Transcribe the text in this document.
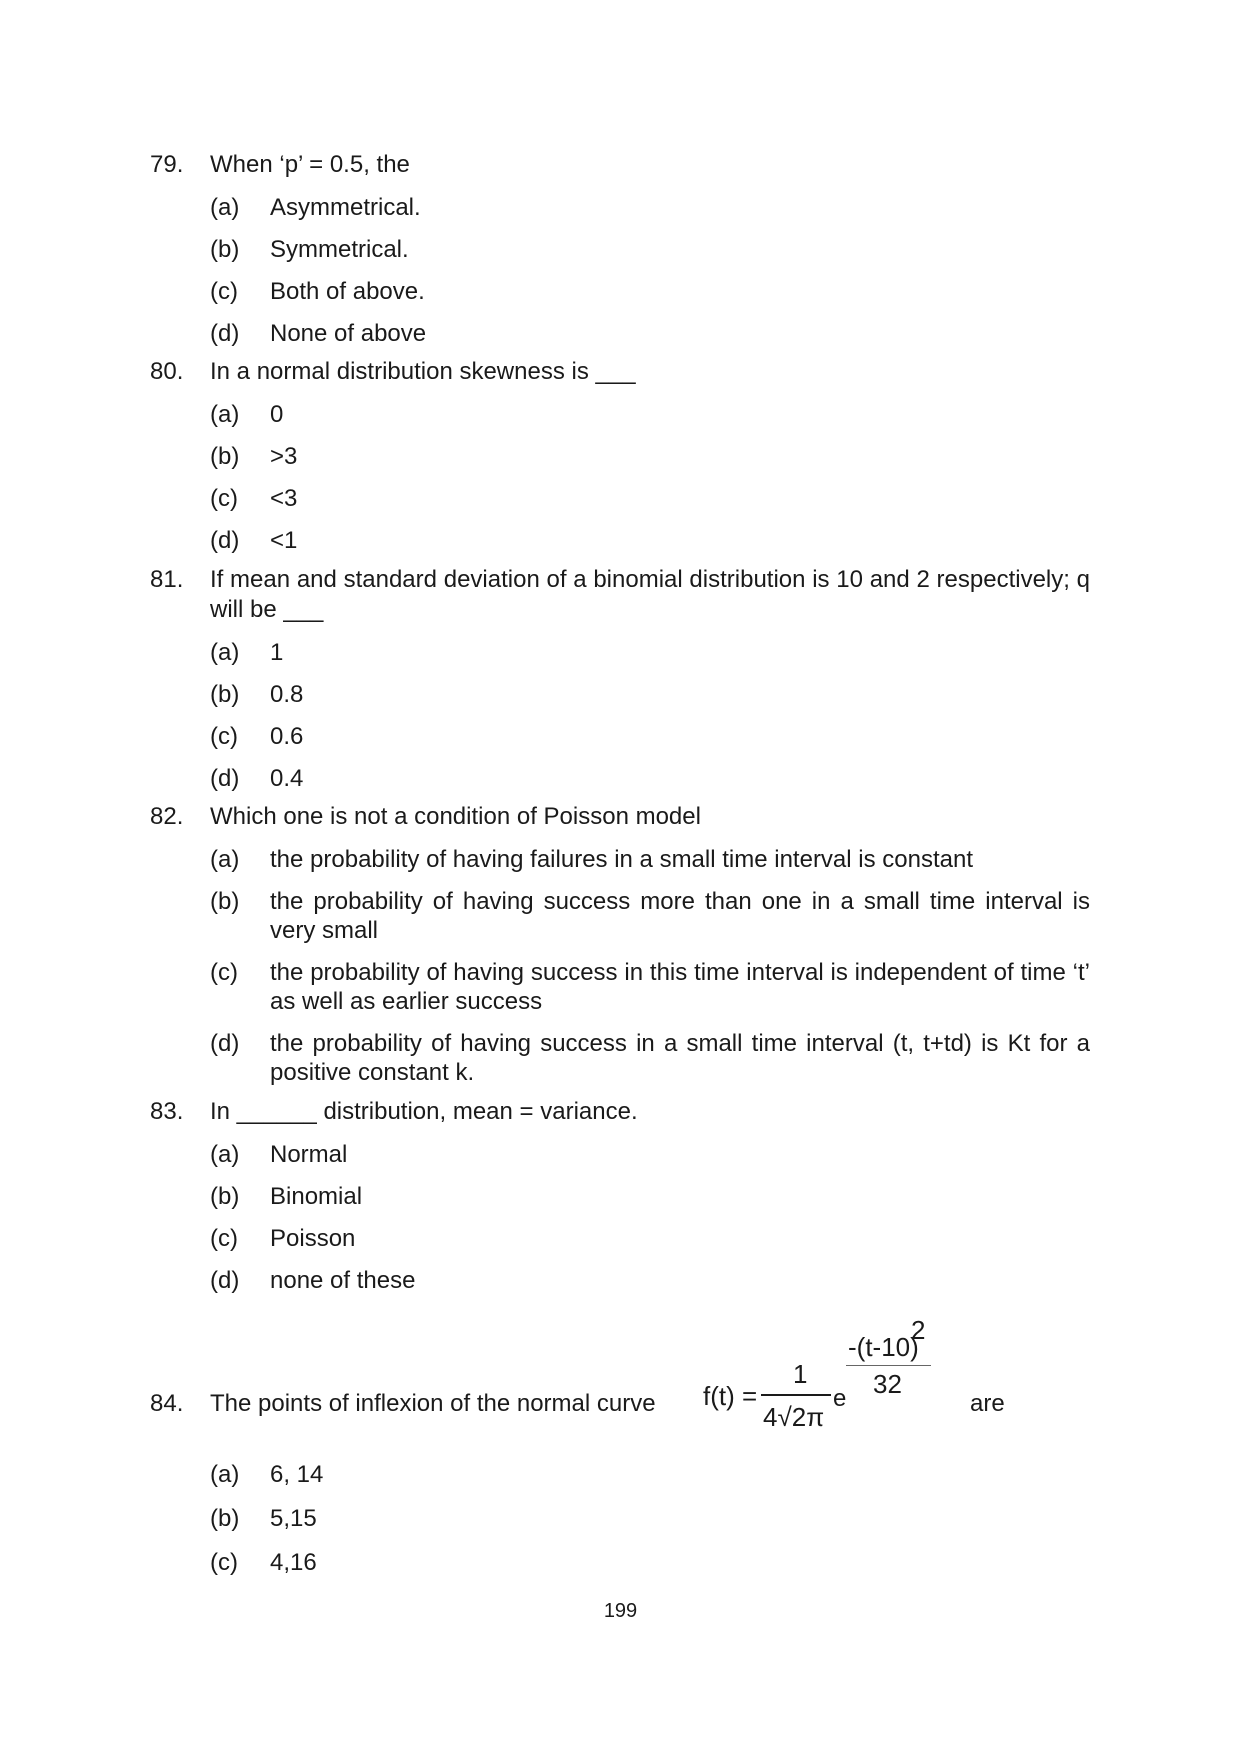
79.	When ‘p’ = 0.5, the
(a)	Asymmetrical.
(b)	Symmetrical.
(c)	Both of above.
(d)	None of above
80.	In a normal distribution skewness is ___
(a)	0
(b)	>3
(c)	<3
(d)	<1
81.	If mean and standard deviation of a binomial distribution is 10 and 2 respectively; q will be ___
(a)	1
(b)	0.8
(c)	0.6
(d)	0.4
82.	Which one is not a condition of Poisson model
(a)	the probability of having failures in a small time interval is constant
(b)	the probability of having success more than one in a small time interval is very small
(c)	the probability of having success in this time interval is independent of time ‘t’ as well as earlier success
(d)	the probability of having success in a small time interval (t, t+td) is Kt for a positive constant k.
83.	In ______ distribution, mean = variance.
(a)	Normal
(b)	Binomial
(c)	Poisson
(d)	none of these
84.	The points of inflexion of the normal curve f(t) =
1
4√2π
e
-(t-10)
2
32
are
(a)	6, 14
(b)	5,15
(c)	4,16
199
